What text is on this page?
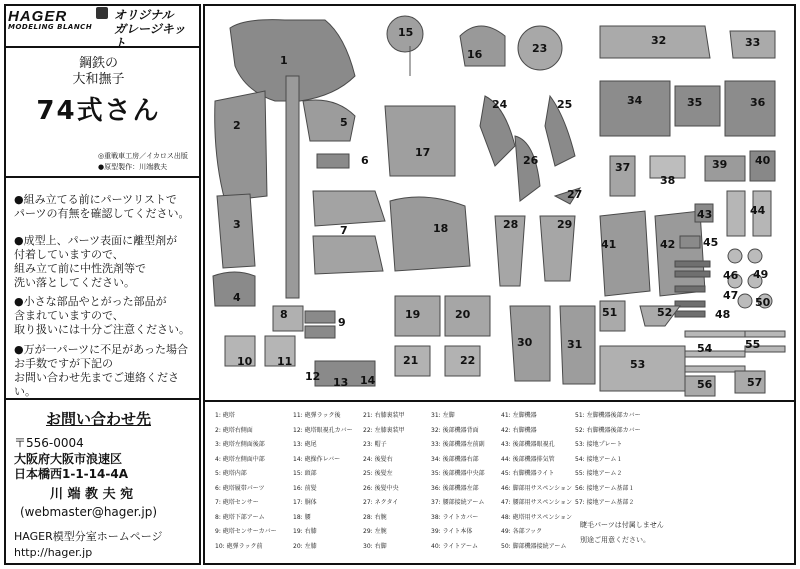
HAGER
MODELING BLANCH
オリジナル
ガレージキット
鋼鉄の
大和撫子
74式さん
◎重戦車工房／イカロス出版
●原型製作：川端教夫
●組み立てる前にパーツリストで
パーツの有無を確認してください。
●成型上、パーツ表面に離型剤が
付着していますので、
組み立て前に中性洗剤等で
洗い落としてください。
●小さな部品やとがった部品が
含まれていますので、
取り扱いには十分ご注意ください。
●万が一パーツに不足があった場合
お手数ですが下記の
お問い合わせ先までご連絡ください。
お問い合わせ先
〒556-0004
大阪府大阪市浪速区
日本橋西1-1-14-4A
川 端 教 夫 宛
(webmaster@hager.jp)
HAGER模型分室ホームページ
http://hager.jp
1
2
3
4
5
6
7
8
9
10 11
12 13 14
15
16
17
18
19	20
21	22
23
24	25
26
27
28	29
30	31
32	33
34	35	36
37
38
39	40
41	42
43	44
45
46
47
48
49
50
51	52
53
54	55
56	57
1: 砲塔
2: 砲塔右側面
3: 砲塔左側面後部
4: 砲塔左側面中部
5: 砲塔内部
6: 砲塔履帯パーツ
7: 砲塔センサー
8: 砲塔下部アーム
9: 砲塔センサーカバー
10: 砲弾ラック前
11: 砲弾ラック後
12: 砲塔眼視孔カバー
13: 砲尾
14: 砲操作レバー
15: 頭部
16: 前髪
17: 胴体
18: 腰
19: 右膝
20: 左膝
21: 右膝裏装甲
22: 左膝裏装甲
23: 帽子
24: 後髪右
25: 後髪左
26: 後髪中央
27: ネクタイ
28: 右腕
29: 左腕
30: 右脚
31: 左脚
32: 後部機器背面
33: 後部機器左前副
34: 後部機器右部
35: 後部機器中央部
36: 後部機器左部
37: 腰部接続アーム
38: ライトカバー
39: ライト本体
40: ライトアーム
41: 左脚機器
42: 右脚機器
43: 後部機器眼視孔
44: 後部機器排気管
45: 右脚機器ライト
46: 脚部用サスペンション
47: 腰部用サスペンション
48: 砲塔用サスペンション
49: 各部フック
50: 脚部機器接続アーム
51: 左脚機器後部カバー
52: 右脚機器後部カバー
53: 接地プレート
54: 接地アーム１
55: 接地アーム２
56: 接地アーム基部１
57: 接地アーム基部２
睫毛パーツは付属しません
別途ご用意ください。
